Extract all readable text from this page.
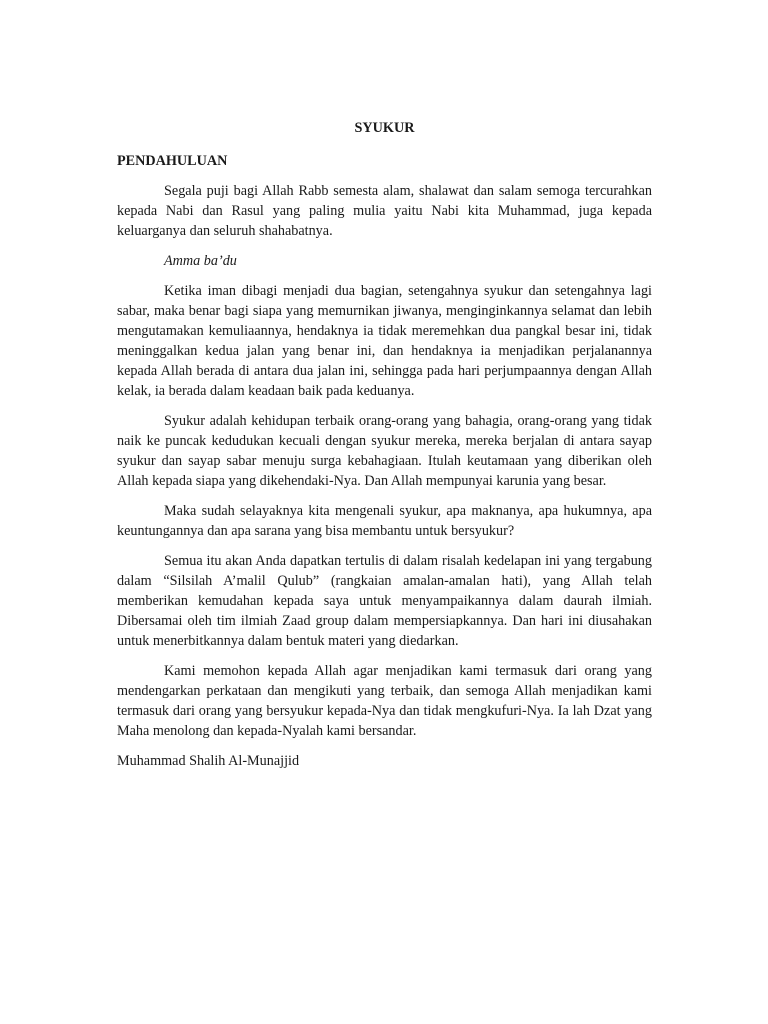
SYUKUR
PENDAHULUAN

Segala puji bagi Allah Rabb semesta alam, shalawat dan salam semoga tercurahkan kepada Nabi dan Rasul yang paling mulia yaitu Nabi kita Muhammad, juga kepada keluarganya dan seluruh shahabatnya.

Amma ba’du

Ketika iman dibagi menjadi dua bagian, setengahnya syukur dan setengahnya lagi sabar, maka benar bagi siapa yang memurnikan jiwanya, menginginkannya selamat dan lebih mengutamakan kemuliaannya, hendaknya ia tidak meremehkan dua pangkal besar ini, tidak meninggalkan kedua jalan yang benar ini, dan hendaknya ia menjadikan perjalanannya kepada Allah berada di antara dua jalan ini, sehingga pada hari perjumpaannya dengan Allah kelak, ia berada dalam keadaan baik pada keduanya.

Syukur adalah kehidupan terbaik orang-orang yang bahagia, orang-orang yang tidak naik ke puncak kedudukan kecuali dengan syukur mereka, mereka berjalan di antara sayap syukur dan sayap sabar menuju surga kebahagiaan. Itulah keutamaan yang diberikan oleh Allah kepada siapa yang dikehendaki-Nya. Dan Allah mempunyai karunia yang besar.

Maka sudah selayaknya kita mengenali syukur, apa maknanya, apa hukumnya, apa keuntungannya dan apa sarana yang bisa membantu untuk bersyukur?

Semua itu akan Anda dapatkan tertulis di dalam risalah kedelapan ini yang tergabung dalam “Silsilah A’malil Qulub” (rangkaian amalan-amalan hati), yang Allah telah memberikan kemudahan kepada saya untuk menyampaikannya dalam daurah ilmiah. Dibersamai oleh tim ilmiah Zaad group dalam mempersiapkannya. Dan hari ini diusahakan untuk menerbitkannya dalam bentuk materi yang diedarkan.

Kami memohon kepada Allah agar menjadikan kami termasuk dari orang yang mendengarkan perkataan dan mengikuti yang terbaik, dan semoga Allah menjadikan kami termasuk dari orang yang bersyukur kepada-Nya dan tidak mengkufuri-Nya. Ia lah Dzat yang Maha menolong dan kepada-Nyalah kami bersandar.

Muhammad Shalih Al-Munajjid
